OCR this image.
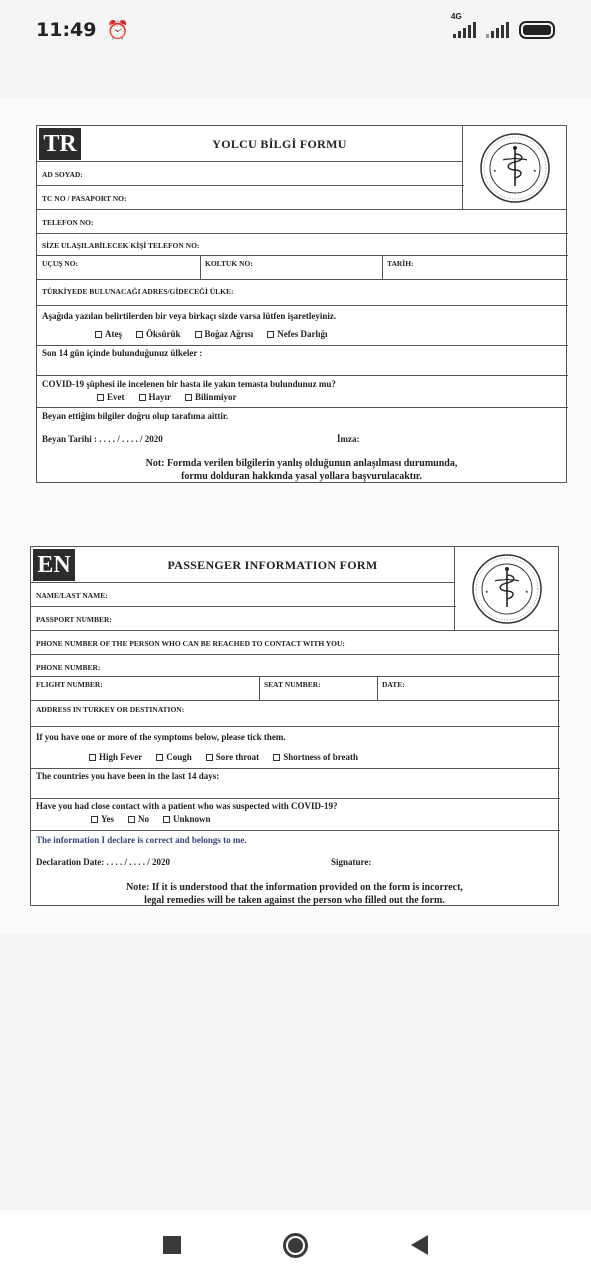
11:49 ⏰
4G
TR	YOLCU BİLGİ FORMU
★	★
AD SOYAD:
TC NO / PASAPORT NO:
TELEFON NO:
SİZE ULAŞILABİLECEK KİŞİ TELEFON NO:
UÇUŞ NO:	KOLTUK NO:	TARİH:
TÜRKİYEDE BULUNACAĞI ADRES/GİDECEĞİ ÜLKE:
Aşağıda yazılan belirtilerden bir veya birkaçı sizde varsa lütfen işaretleyiniz.
Ateş	Öksürük	Boğaz Ağrısı	Nefes Darlığı
Son 14 gün içinde bulunduğunuz ülkeler :
COVID-19 şüphesi ile incelenen bir hasta ile yakın temasta bulundunuz mu?
Evet	Hayır	Bilinmiyor
Beyan ettiğim bilgiler doğru olup tarafıma aittir.
Beyan Tarihi : . . . . / . . . . / 2020	İmza:
Not: Formda verilen bilgilerin yanlış olduğunun anlaşılması durumunda,
formu dolduran hakkında yasal yollara başvurulacaktır.
EN	PASSENGER INFORMATION FORM
★	★
NAME/LAST NAME:
PASSPORT NUMBER:
PHONE NUMBER OF THE PERSON WHO CAN BE REACHED TO CONTACT WITH YOU:
PHONE NUMBER:
FLIGHT NUMBER:	SEAT NUMBER:	DATE:
ADDRESS IN TURKEY OR DESTINATION:
If you have one or more of the symptoms below, please tick them.
High Fever	Cough	Sore throat	Shortness of breath
The countries you have been in the last 14 days:
Have you had close contact with a patient who was suspected with COVID-19?
Yes	No	Unknown
The information I declare is correct and belongs to me.
Declaration Date: . . . . / . . . . / 2020	Signature:
Note: If it is understood that the information provided on the form is incorrect,
legal remedies will be taken against the person who filled out the form.
